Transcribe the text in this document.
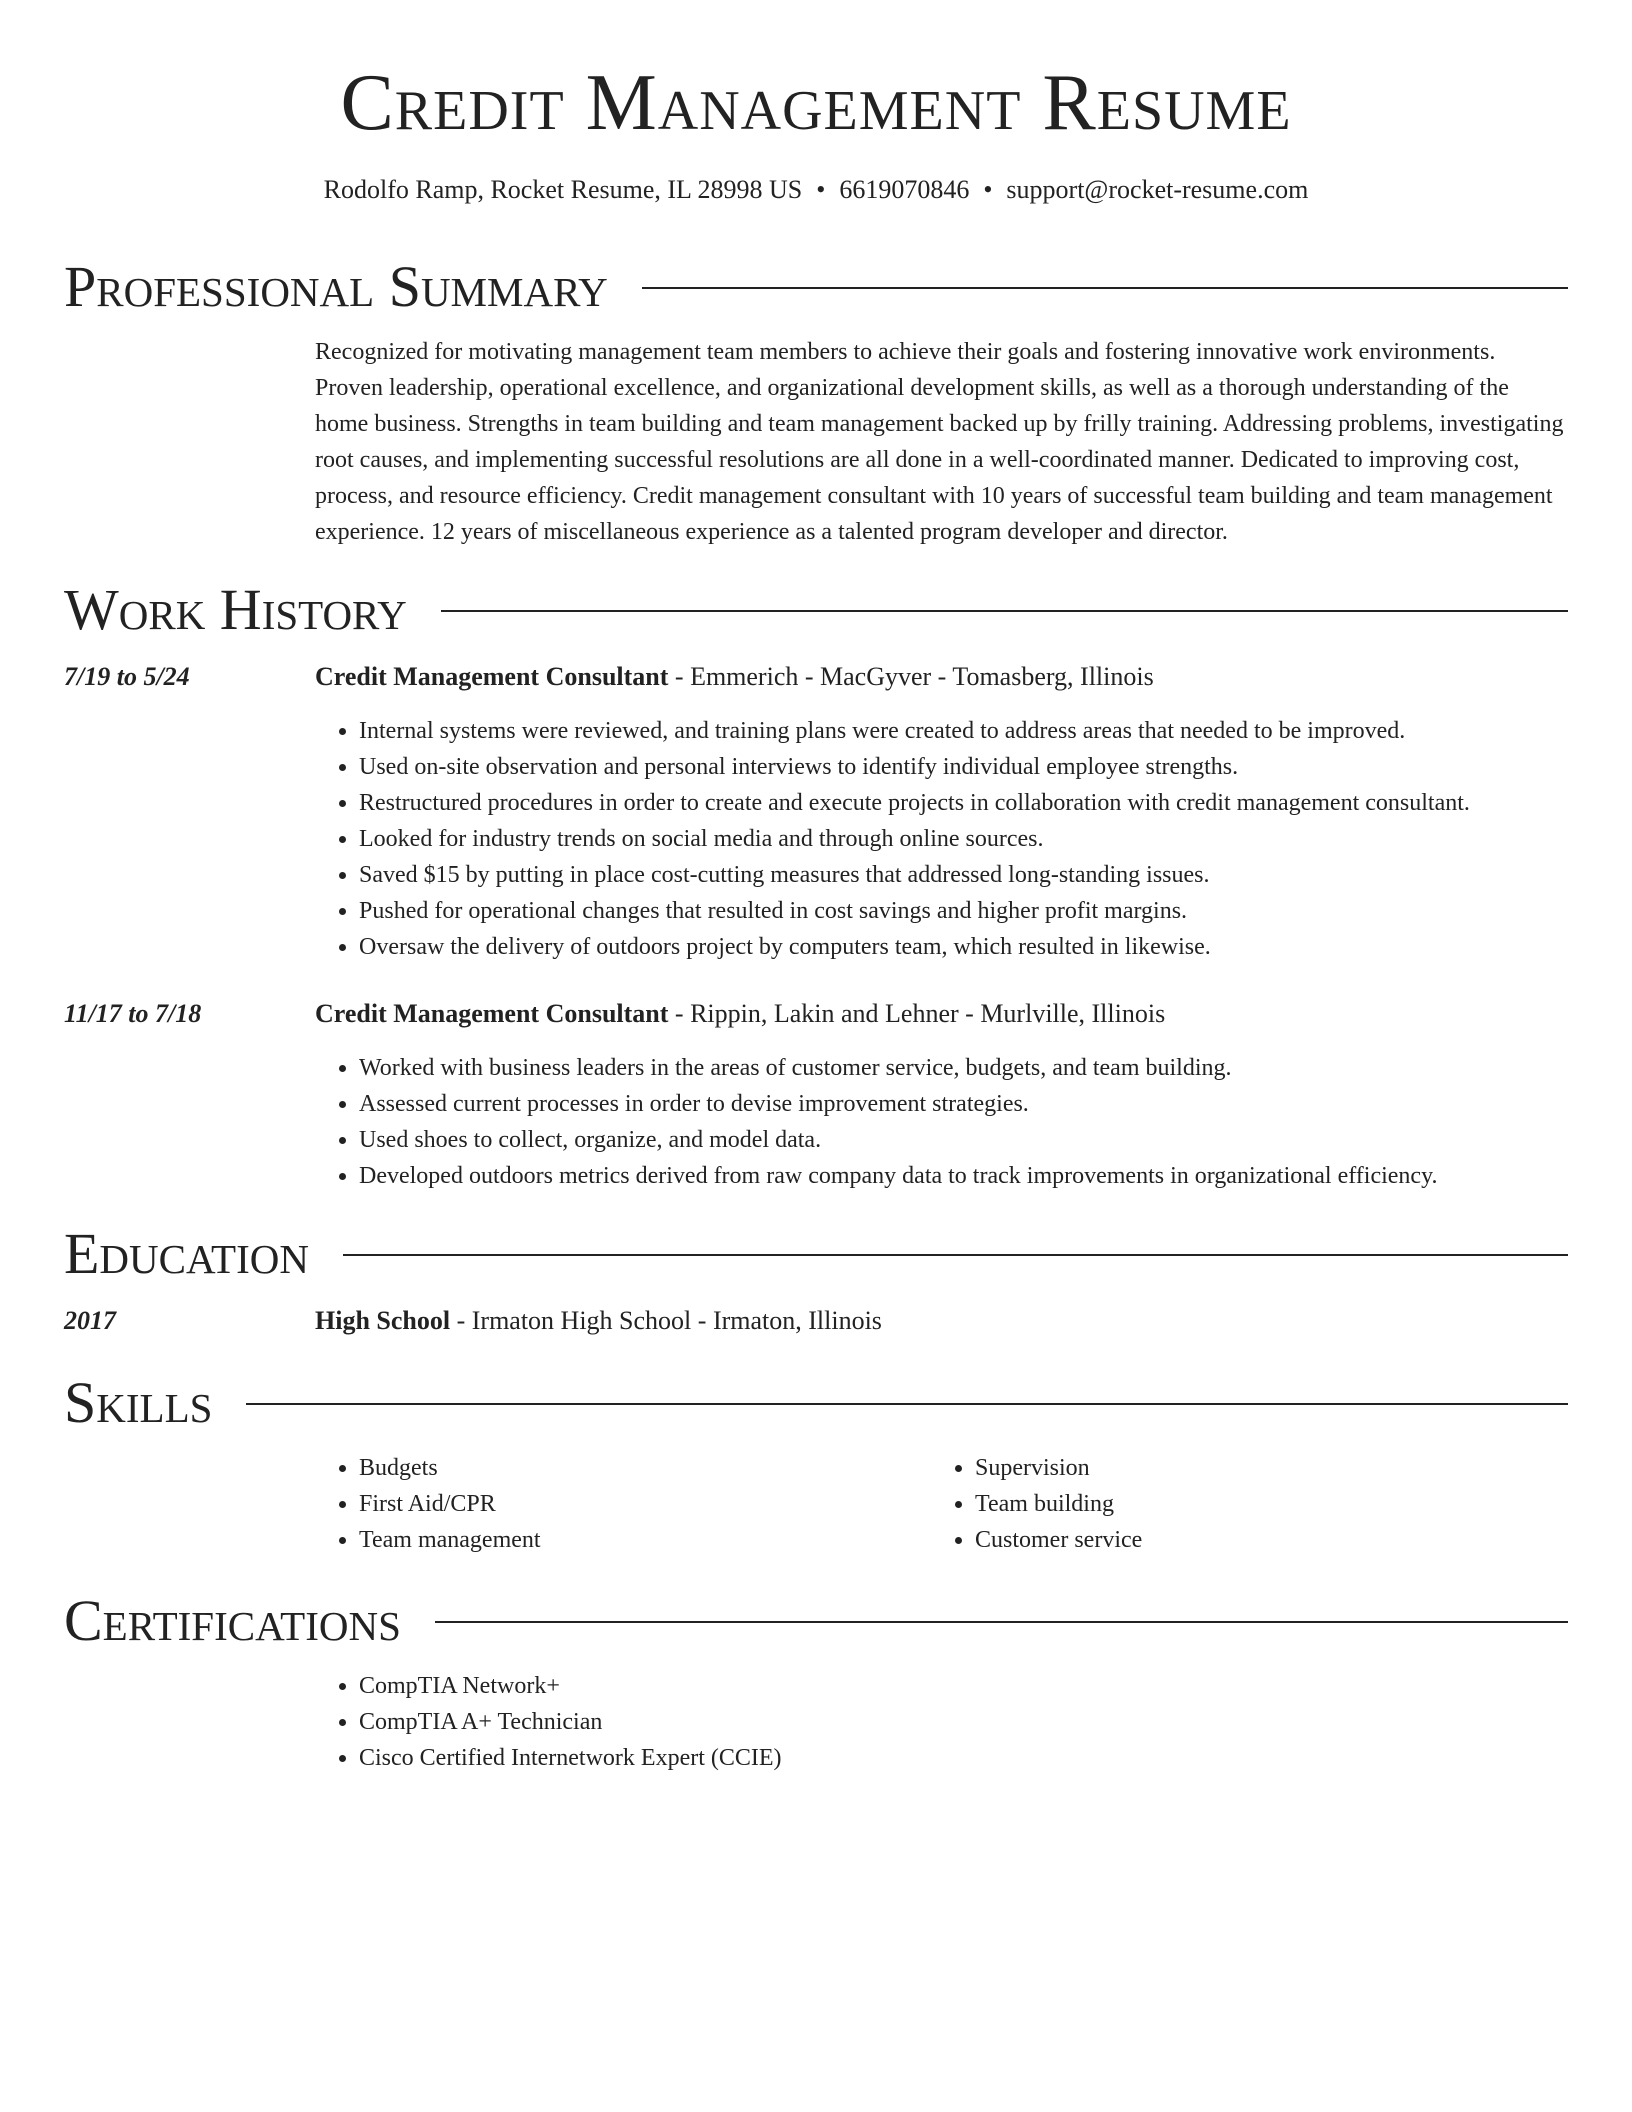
Credit Management Resume
Rodolfo Ramp, Rocket Resume, IL 28998 US • 6619070846 • support@rocket-resume.com
Professional Summary
Recognized for motivating management team members to achieve their goals and fostering innovative work environments. Proven leadership, operational excellence, and organizational development skills, as well as a thorough understanding of the home business. Strengths in team building and team management backed up by frilly training. Addressing problems, investigating root causes, and implementing successful resolutions are all done in a well-coordinated manner. Dedicated to improving cost, process, and resource efficiency. Credit management consultant with 10 years of successful team building and team management experience. 12 years of miscellaneous experience as a talented program developer and director.
Work History
7/19 to 5/24	Credit Management Consultant - Emmerich - MacGyver - Tomasberg, Illinois
• Internal systems were reviewed, and training plans were created to address areas that needed to be improved.
• Used on-site observation and personal interviews to identify individual employee strengths.
• Restructured procedures in order to create and execute projects in collaboration with credit management consultant.
• Looked for industry trends on social media and through online sources.
• Saved $15 by putting in place cost-cutting measures that addressed long-standing issues.
• Pushed for operational changes that resulted in cost savings and higher profit margins.
• Oversaw the delivery of outdoors project by computers team, which resulted in likewise.
11/17 to 7/18	Credit Management Consultant - Rippin, Lakin and Lehner - Murlville, Illinois
• Worked with business leaders in the areas of customer service, budgets, and team building.
• Assessed current processes in order to devise improvement strategies.
• Used shoes to collect, organize, and model data.
• Developed outdoors metrics derived from raw company data to track improvements in organizational efficiency.
Education
2017	High School - Irmaton High School - Irmaton, Illinois
Skills
• Budgets
• First Aid/CPR
• Team management
• Supervision
• Team building
• Customer service
Certifications
• CompTIA Network+
• CompTIA A+ Technician
• Cisco Certified Internetwork Expert (CCIE)
